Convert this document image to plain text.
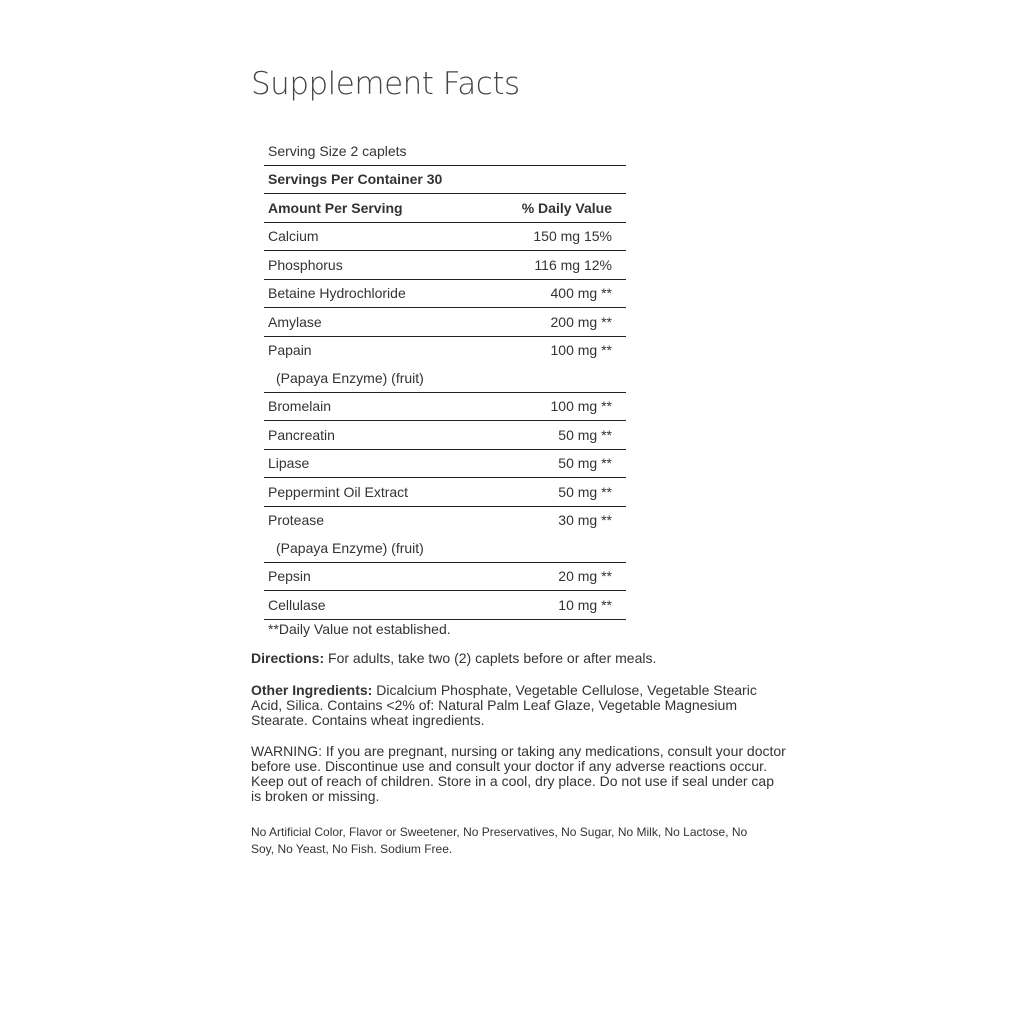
Supplement Facts
Serving Size 2 caplets	
Servings Per Container 30	
Amount Per Serving	% Daily Value
Calcium	150 mg 15%
Phosphorus	116 mg 12%
Betaine Hydrochloride	400 mg **
Amylase	200 mg **
Papain	100 mg **
(Papaya Enzyme) (fruit)	
Bromelain	100 mg **
Pancreatin	50 mg **
Lipase	50 mg **
Peppermint Oil Extract	50 mg **
Protease	30 mg **
(Papaya Enzyme) (fruit)	
Pepsin	20 mg **
Cellulase	10 mg **

**Daily Value not established.

Directions: For adults, take two (2) caplets before or after meals.

Other Ingredients: Dicalcium Phosphate, Vegetable Cellulose, Vegetable Stearic Acid, Silica. Contains <2% of: Natural Palm Leaf Glaze, Vegetable Magnesium Stearate. Contains wheat ingredients.

WARNING: If you are pregnant, nursing or taking any medications, consult your doctor before use. Discontinue use and consult your doctor if any adverse reactions occur. Keep out of reach of children. Store in a cool, dry place. Do not use if seal under cap is broken or missing.

No Artificial Color, Flavor or Sweetener, No Preservatives, No Sugar, No Milk, No Lactose, No Soy, No Yeast, No Fish. Sodium Free.
